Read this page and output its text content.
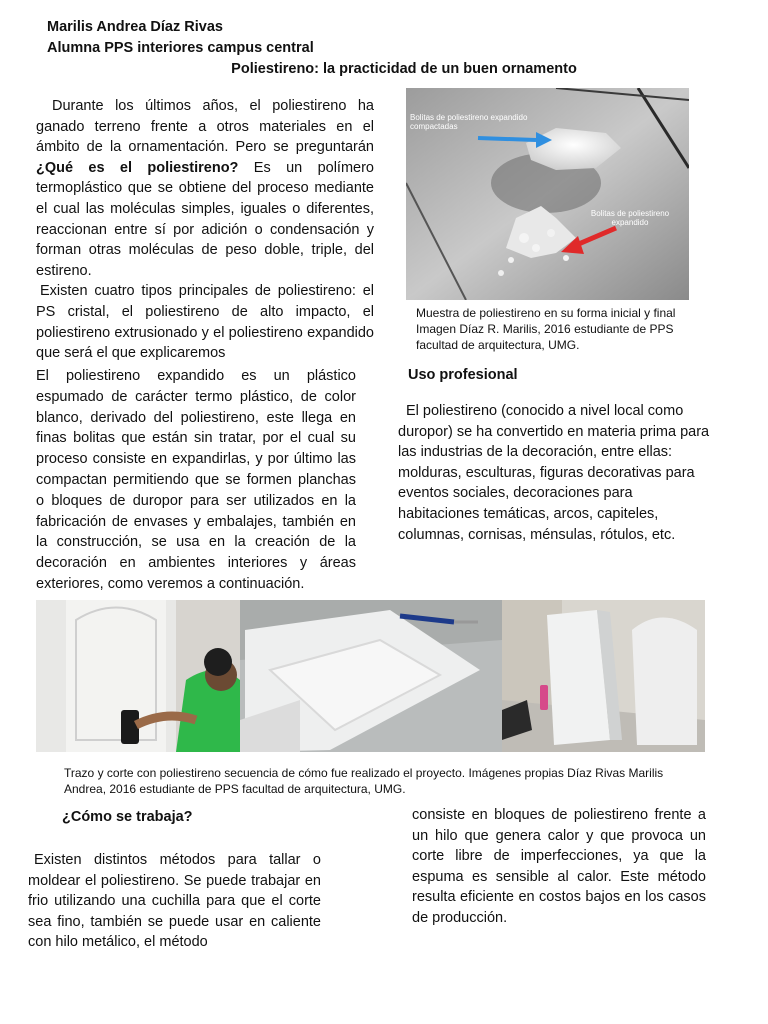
Marilis Andrea Díaz Rivas
Alumna PPS interiores campus central
Poliestireno: la practicidad de un buen ornamento

Durante los últimos años, el poliestireno ha ganado terreno frente a otros materiales en el ámbito de la ornamentación. Pero se preguntarán ¿Qué es el poliestireno? Es un polímero termoplástico que se obtiene del proceso mediante el cual las moléculas simples, iguales o diferentes, reaccionan entre sí por adición o condensación y forman otras moléculas de peso doble, triple, del estireno.

Existen cuatro tipos principales de poliestireno: el PS cristal, el poliestireno de alto impacto, el poliestireno extrusionado y el poliestireno expandido que será el que explicaremos

El poliestireno expandido es un plástico espumado de carácter termo plástico, de color blanco, derivado del poliestireno, este llega en finas bolitas que están sin tratar, por el cual su proceso consiste en expandirlas, y por último las compactan permitiendo que se formen planchas o bloques de duropor para ser utilizados en la fabricación de envases y embalajes, también en la construcción, se usa en la creación de la decoración en ambientes interiores y áreas exteriores, como veremos a continuación.
Bolitas de poliestireno expandido compactadas
Bolitas de poliestireno expandido
Muestra de poliestireno en su forma inicial y final Imagen Díaz R. Marilis, 2016 estudiante de PPS facultad de arquitectura, UMG.
Uso profesional
El poliestireno (conocido a nivel local como duropor) se ha convertido en materia prima para las industrias de la decoración, entre ellas: molduras, esculturas, figuras decorativas para eventos sociales, decoraciones para habitaciones temáticas, arcos, capiteles, columnas, cornisas, ménsulas, rótulos, etc.
Trazo y corte con poliestireno secuencia de cómo fue realizado el proyecto. Imágenes propias Díaz Rivas Marilis Andrea, 2016 estudiante de PPS facultad de arquitectura, UMG.
¿Cómo se trabaja?
Existen distintos métodos para tallar o moldear el poliestireno. Se puede trabajar en frio utilizando una cuchilla para que el corte sea fino, también se puede usar en caliente con hilo metálico, el método
consiste en bloques de poliestireno frente a un hilo que genera calor y que provoca un corte libre de imperfecciones, ya que la espuma es sensible al calor. Este método resulta eficiente en costos bajos en los casos de producción.
